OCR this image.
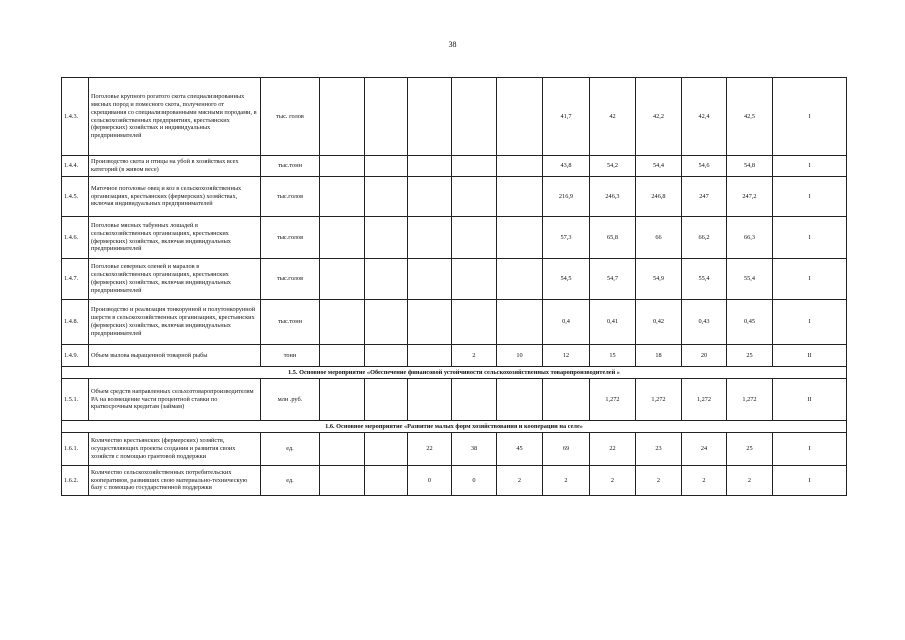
38
1.4.3.	Поголовье крупного рогатого скота специализированных мясных пород и помесного скота, полученного от скрещивания со специализированными мясными породами, в сельскохозяйственных предприятиях, крестьянских (фермерских) хозяйствах и индивидуальных предпринимателей	тыс. голов						41,7	42	42,2	42,4	42,5	I
1.4.4.	Производство скота и птицы на убой в хозяйствах всех категорий (в живом весе)	тыс.тонн						43,8	54,2	54,4	54,6	54,8	I
1.4.5.	Маточное поголовье овец и коз в сельскохозяйственных организациях, крестьянских (фермерских) хозяйствах, включая индивидуальных предпринимателей	тыс.голов						216,9	246,3	246,8	247	247,2	I
1.4.6.	Поголовье мясных табунных лошадей в сельскохозяйственных организациях, крестьянских (фермерских) хозяйствах, включая индивидуальных предпринимателей	тыс.голов						57,3	65,8	66	66,2	66,3	I
1.4.7.	Поголовье северных оленей и маралов в сельскохозяйственных организациях, крестьянских (фермерских) хозяйствах, включая индивидуальных предпринимателей	тыс.голов						54,5	54,7	54,9	55,4	55,4	I
1.4.8.	Производство и реализация тонкорунной и полутонкорунной шерсти в сельскохозяйственных организациях, крестьянских (фермерских) хозяйствах, включая индивидуальных предпринимателей	тыс.тонн						0,4	0,41	0,42	0,43	0,45	I
1.4.9.	Объем вылова выращенной товарной рыбы	тонн				2	10	12	15	18	20	25	II
1.5. Основное мероприятие «Обеспечение финансовой устойчивости сельскохозяйственных товаропроизводителей »													
1.5.1.	Объем средств направленных сельхозтоваропроизводителям РА на возмещение части процентной ставки по краткосрочным кредитам (займам)	млн .руб.							1,272	1,272	1,272	1,272	II
1.6. Основное мероприятие «Развитие малых форм хозяйствования и кооперации на селе»													
1.6.1.	Количество крестьянских (фермерских) хозяйств, осуществляющих проекты создания и развития своих хозяйств с помощью грантовой поддержки	ед.			22	38	45	69	22	23	24	25	I
1.6.2.	Количество сельскохозяйственных потребительских кооперативов, развивших свою материально-техническую базу с помощью государственной поддержки	ед.			0	0	2	2	2	2	2	2	I
